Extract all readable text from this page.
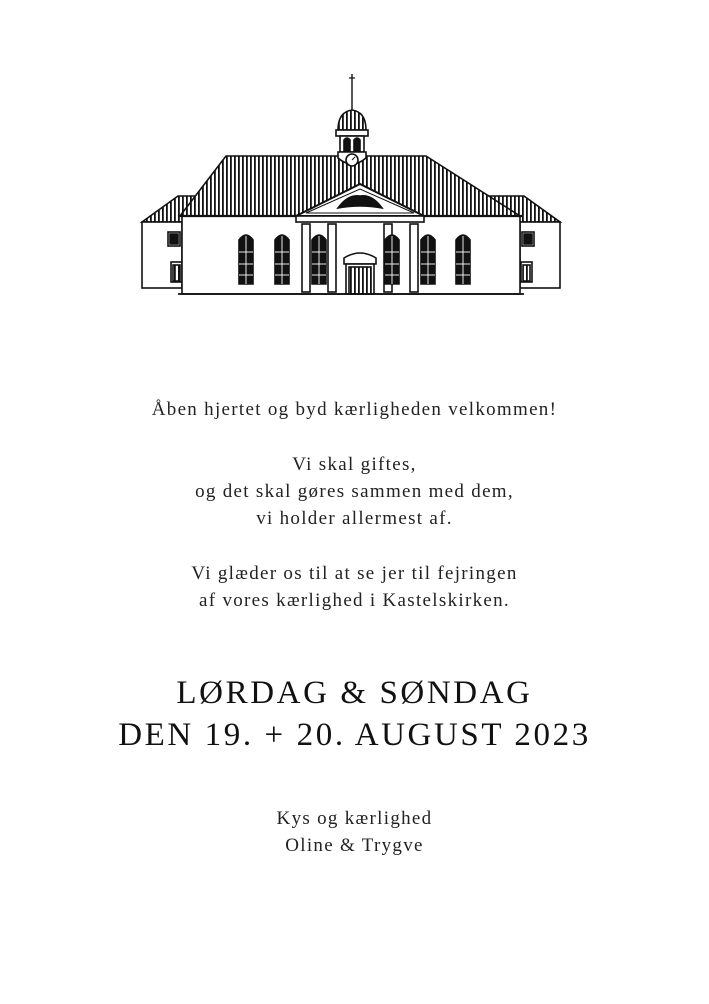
Åben hjertet og byd kærligheden velkommen!
Vi skal giftes,
og det skal gøres sammen med dem,
vi holder allermest af.
Vi glæder os til at se jer til fejringen
af vores kærlighed i Kastelskirken.
LØRDAG & SØNDAG
DEN 19. + 20. AUGUST 2023
Kys og kærlighed
Oline & Trygve
